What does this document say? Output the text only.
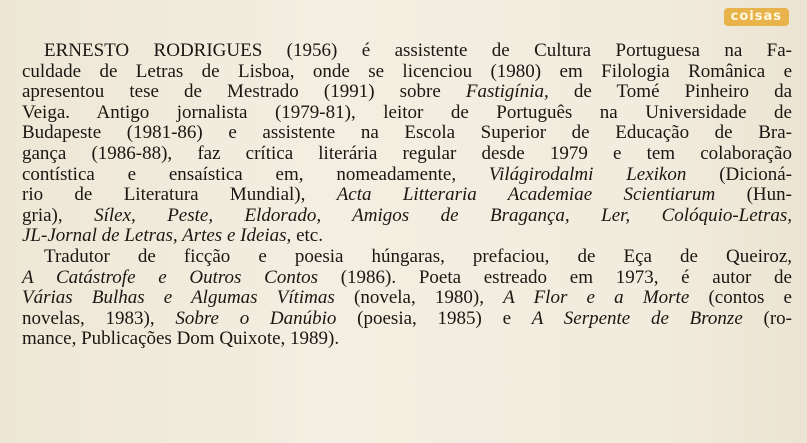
coisas
ERNESTO RODRIGUES (1956) é assistente de Cultura Portuguesa na Fa-
culdade de Letras de Lisboa, onde se licenciou (1980) em Filologia Românica e
apresentou tese de Mestrado (1991) sobre Fastigínia, de Tomé Pinheiro da
Veiga. Antigo jornalista (1979-81), leitor de Português na Universidade de
Budapeste (1981-86) e assistente na Escola Superior de Educação de Bra-
gança (1986-88), faz crítica literária regular desde 1979 e tem colaboração
contística e ensaística em, nomeadamente, Világirodalmi Lexikon (Dicioná-
rio de Literatura Mundial), Acta Litteraria Academiae Scientiarum (Hun-
gria), Sílex, Peste, Eldorado, Amigos de Bragança, Ler, Colóquio-Letras,
JL-Jornal de Letras, Artes e Ideias, etc.
Tradutor de ficção e poesia húngaras, prefaciou, de Eça de Queiroz,
A Catástrofe e Outros Contos (1986). Poeta estreado em 1973, é autor de
Várias Bulhas e Algumas Vítimas (novela, 1980), A Flor e a Morte (contos e
novelas, 1983), Sobre o Danúbio (poesia, 1985) e A Serpente de Bronze (ro-
mance, Publicações Dom Quixote, 1989).
